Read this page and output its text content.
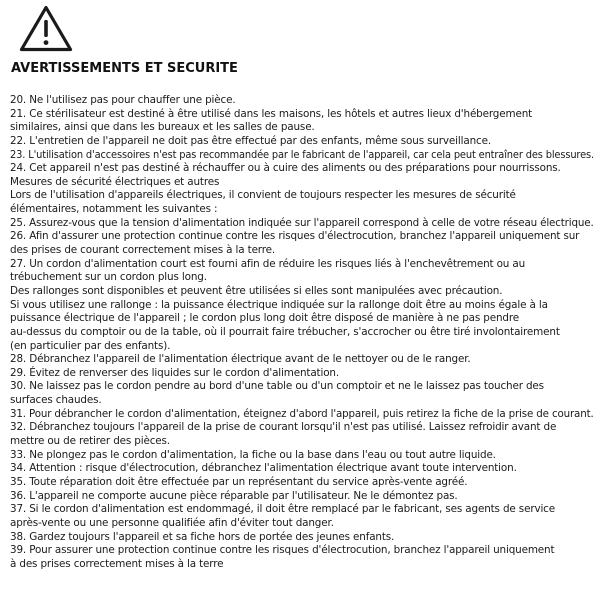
AVERTISSEMENTS ET SECURITE
20. Ne l'utilisez pas pour chauffer une pièce.
21. Ce stérilisateur est destiné à être utilisé dans les maisons, les hôtels et autres lieux d'hébergement
similaires, ainsi que dans les bureaux et les salles de pause.
22. L'entretien de l'appareil ne doit pas être effectué par des enfants, même sous surveillance.
23. L'utilisation d'accessoires n'est pas recommandée par le fabricant de l'appareil, car cela peut entraîner des blessures.
24. Cet appareil n'est pas destiné à réchauffer ou à cuire des aliments ou des préparations pour nourrissons.
Mesures de sécurité électriques et autres
Lors de l'utilisation d'appareils électriques, il convient de toujours respecter les mesures de sécurité
élémentaires, notamment les suivantes :
25. Assurez-vous que la tension d'alimentation indiquée sur l'appareil correspond à celle de votre réseau électrique.
26. Afin d'assurer une protection continue contre les risques d'électrocution, branchez l'appareil uniquement sur
des prises de courant correctement mises à la terre.
27. Un cordon d'alimentation court est fourni afin de réduire les risques liés à l'enchevêtrement ou au
trébuchement sur un cordon plus long.
Des rallonges sont disponibles et peuvent être utilisées si elles sont manipulées avec précaution.
Si vous utilisez une rallonge : la puissance électrique indiquée sur la rallonge doit être au moins égale à la
puissance électrique de l'appareil ; le cordon plus long doit être disposé de manière à ne pas pendre
au-dessus du comptoir ou de la table, où il pourrait faire trébucher, s'accrocher ou être tiré involontairement
(en particulier par des enfants).
28. Débranchez l'appareil de l'alimentation électrique avant de le nettoyer ou de le ranger.
29. Évitez de renverser des liquides sur le cordon d'alimentation.
30. Ne laissez pas le cordon pendre au bord d'une table ou d'un comptoir et ne le laissez pas toucher des
surfaces chaudes.
31. Pour débrancher le cordon d'alimentation, éteignez d'abord l'appareil, puis retirez la fiche de la prise de courant.
32. Débranchez toujours l'appareil de la prise de courant lorsqu'il n'est pas utilisé. Laissez refroidir avant de
mettre ou de retirer des pièces.
33. Ne plongez pas le cordon d'alimentation, la fiche ou la base dans l'eau ou tout autre liquide.
34. Attention : risque d'électrocution, débranchez l'alimentation électrique avant toute intervention.
35. Toute réparation doit être effectuée par un représentant du service après-vente agréé.
36. L'appareil ne comporte aucune pièce réparable par l'utilisateur. Ne le démontez pas.
37. Si le cordon d'alimentation est endommagé, il doit être remplacé par le fabricant, ses agents de service
après-vente ou une personne qualifiée afin d'éviter tout danger.
38. Gardez toujours l'appareil et sa fiche hors de portée des jeunes enfants.
39. Pour assurer une protection continue contre les risques d'électrocution, branchez l'appareil uniquement
à des prises correctement mises à la terre
